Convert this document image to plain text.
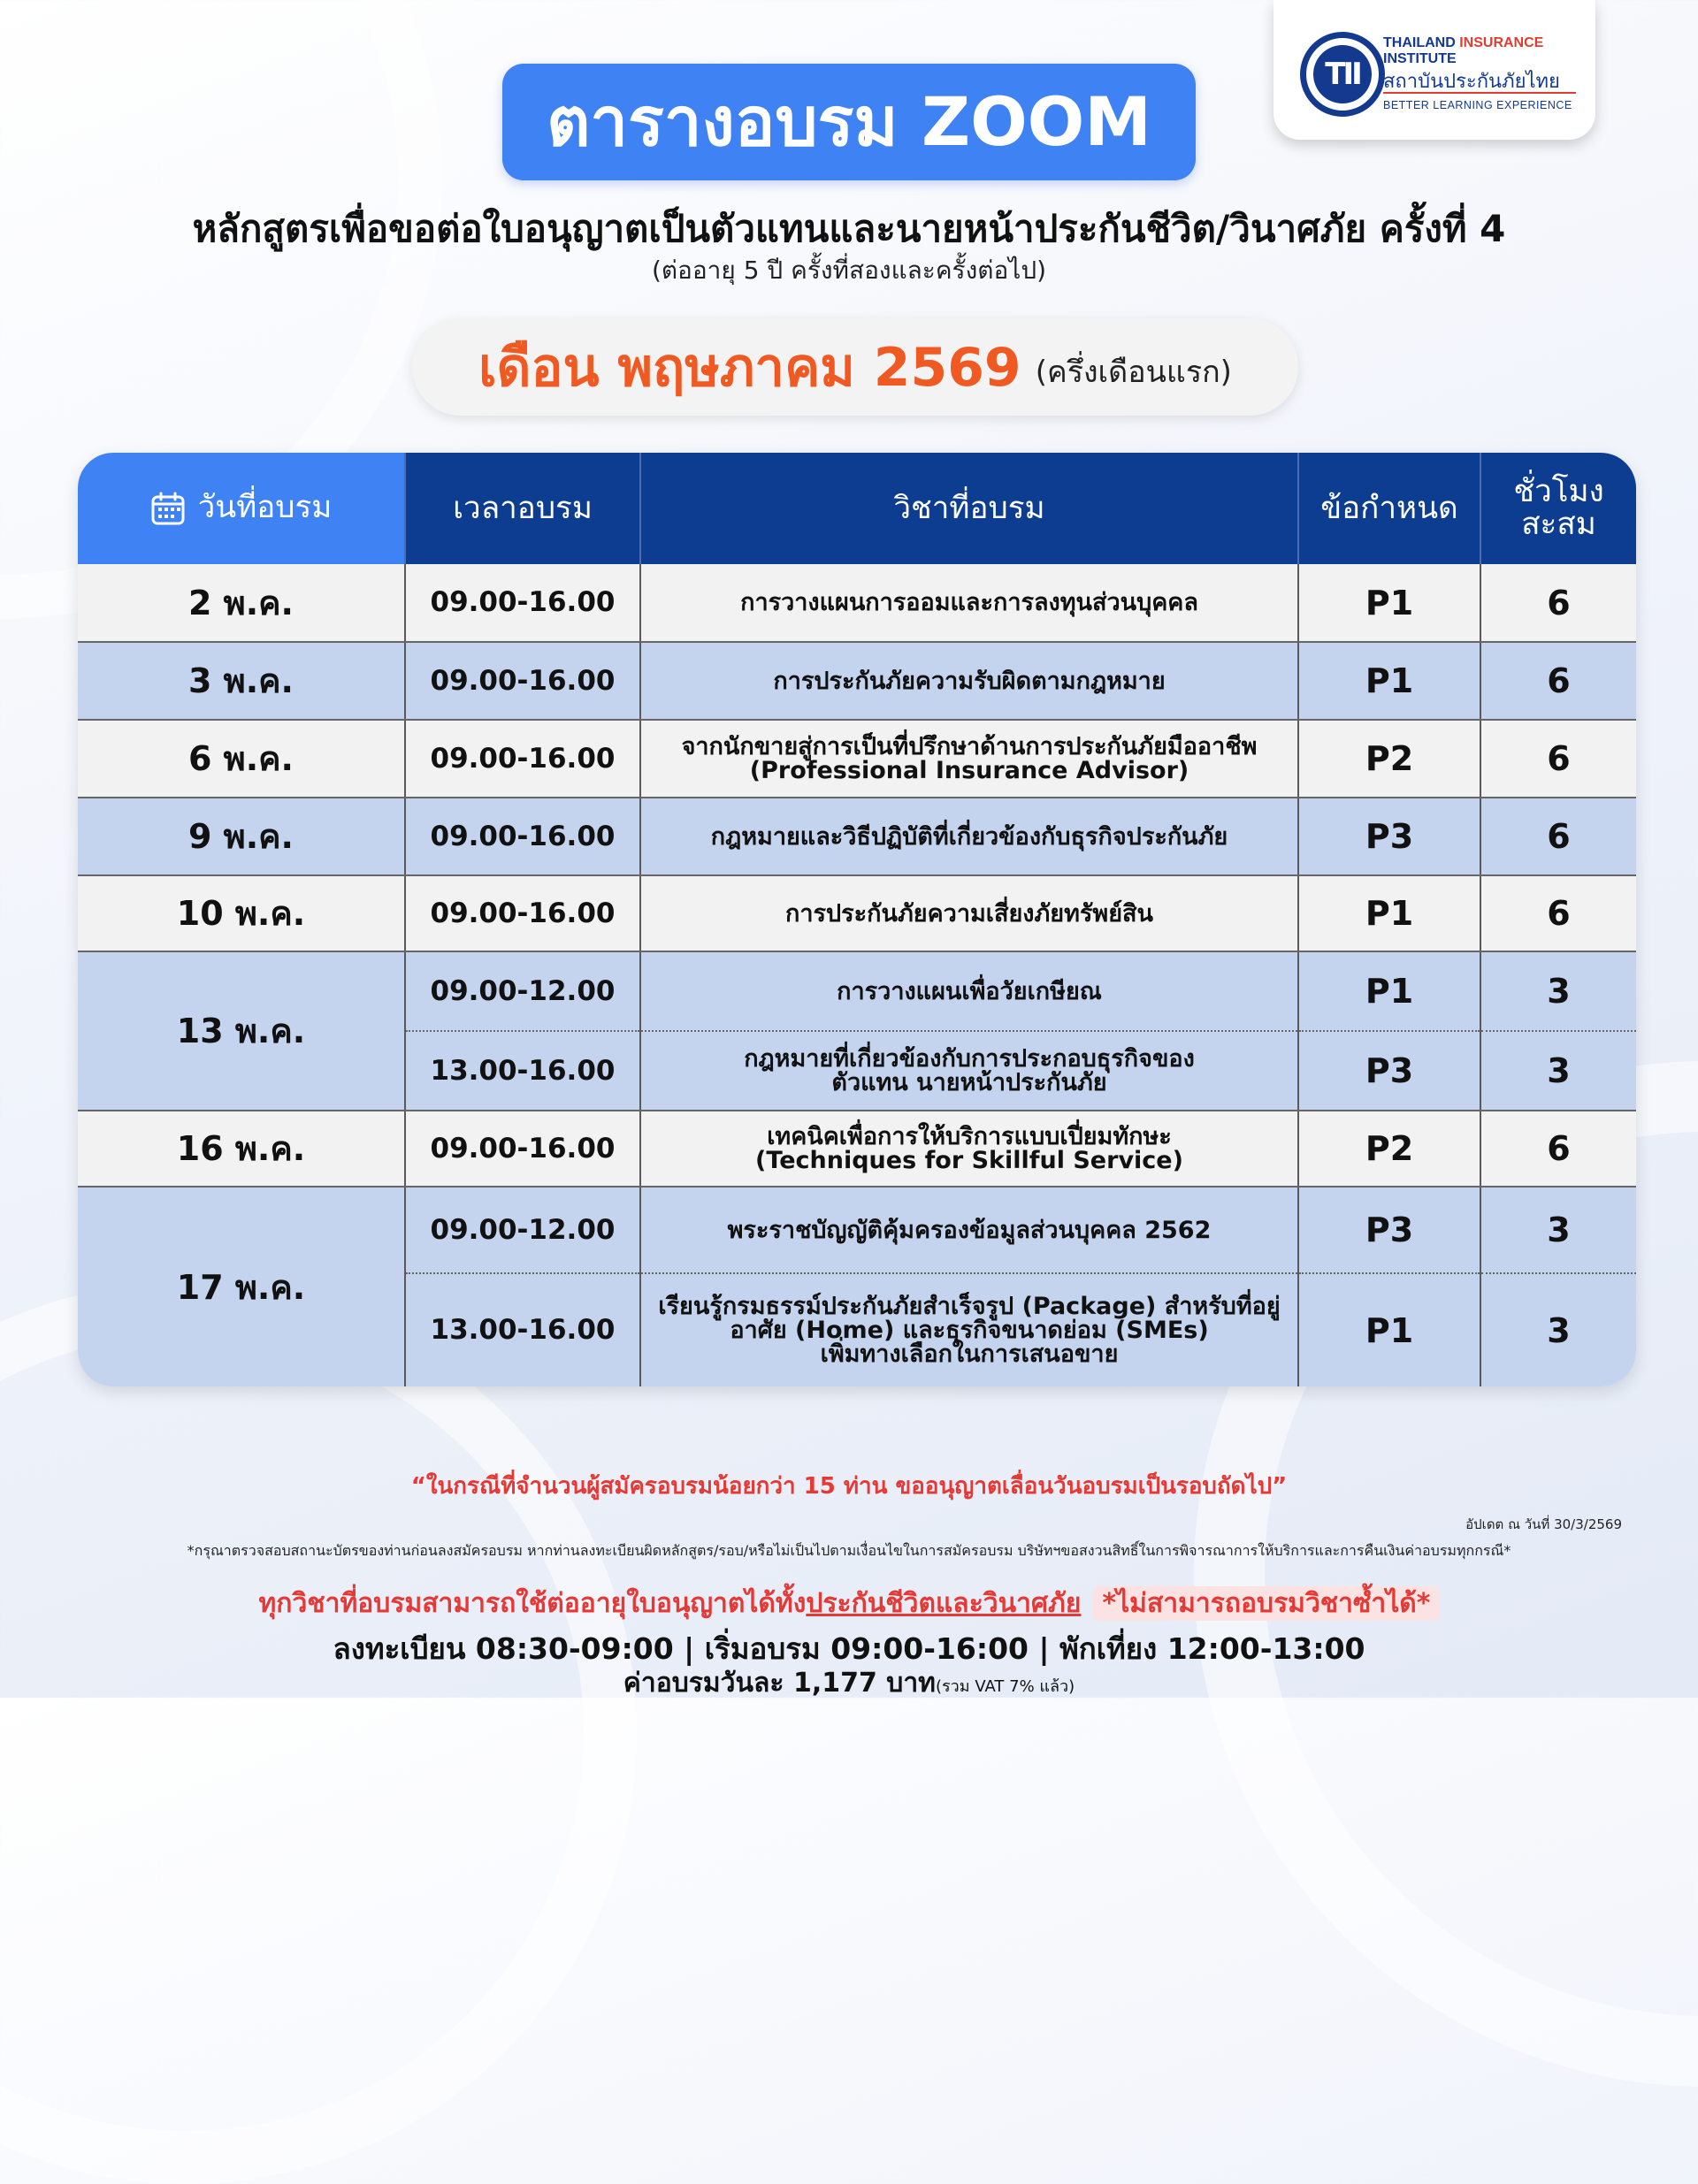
TII
THAILAND INSURANCE
INSTITUTE
สถาบันประกันภัยไทย
BETTER LEARNING EXPERIENCE
ตารางอบรม ZOOM
หลักสูตรเพื่อขอต่อใบอนุญาตเป็นตัวแทนและนายหน้าประกันชีวิต/วินาศภัย ครั้งที่ 4
(ต่ออายุ 5 ปี ครั้งที่สองและครั้งต่อไป)
เดือน พฤษภาคม 2569 (ครึ่งเดือนแรก)
วันที่อบรม	เวลาอบรม	วิชาที่อบรม	ข้อกำหนด	ชั่วโมง
สะสม
2 พ.ค.	09.00-16.00	การวางแผนการออมและการลงทุนส่วนบุคคล	P1	6
3 พ.ค.	09.00-16.00	การประกันภัยความรับผิดตามกฎหมาย	P1	6
6 พ.ค.	09.00-16.00	จากนักขายสู่การเป็นที่ปรึกษาด้านการประกันภัยมืออาชีพ
(Professional Insurance Advisor)	P2	6
9 พ.ค.	09.00-16.00	กฎหมายและวิธีปฏิบัติที่เกี่ยวข้องกับธุรกิจประกันภัย	P3	6
10 พ.ค.	09.00-16.00	การประกันภัยความเสี่ยงภัยทรัพย์สิน	P1	6
13 พ.ค.	09.00-12.00	การวางแผนเพื่อวัยเกษียณ	P1	3
	13.00-16.00	กฎหมายที่เกี่ยวข้องกับการประกอบธุรกิจของ
ตัวแทน นายหน้าประกันภัย	P3	3
16 พ.ค.	09.00-16.00	เทคนิคเพื่อการให้บริการแบบเปี่ยมทักษะ
(Techniques for Skillful Service)	P2	6
17 พ.ค.	09.00-12.00	พระราชบัญญัติคุ้มครองข้อมูลส่วนบุคคล 2562	P3	3
	13.00-16.00	เรียนรู้กรมธรรม์ประกันภัยสำเร็จรูป (Package) สำหรับที่อยู่
อาศัย (Home) และธุรกิจขนาดย่อม (SMEs)
เพิ่มทางเลือกในการเสนอขาย	P1	3
“ในกรณีที่จำนวนผู้สมัครอบรมน้อยกว่า 15 ท่าน ขออนุญาตเลื่อนวันอบรมเป็นรอบถัดไป”
อัปเดต ณ วันที่ 30/3/2569
*กรุณาตรวจสอบสถานะบัตรของท่านก่อนลงสมัครอบรม หากท่านลงทะเบียนผิดหลักสูตร/รอบ/หรือไม่เป็นไปตามเงื่อนไขในการสมัครอบรม บริษัทฯขอสงวนสิทธิ์ในการพิจารณาการให้บริการและการคืนเงินค่าอบรมทุกกรณี*
ทุกวิชาที่อบรมสามารถใช้ต่ออายุใบอนุญาตได้ทั้งประกันชีวิตและวินาศภัย *ไม่สามารถอบรมวิชาซ้ำได้*
ลงทะเบียน 08:30-09:00 | เริ่มอบรม 09:00-16:00 | พักเที่ยง 12:00-13:00
ค่าอบรมวันละ 1,177 บาท(รวม VAT 7% แล้ว)
